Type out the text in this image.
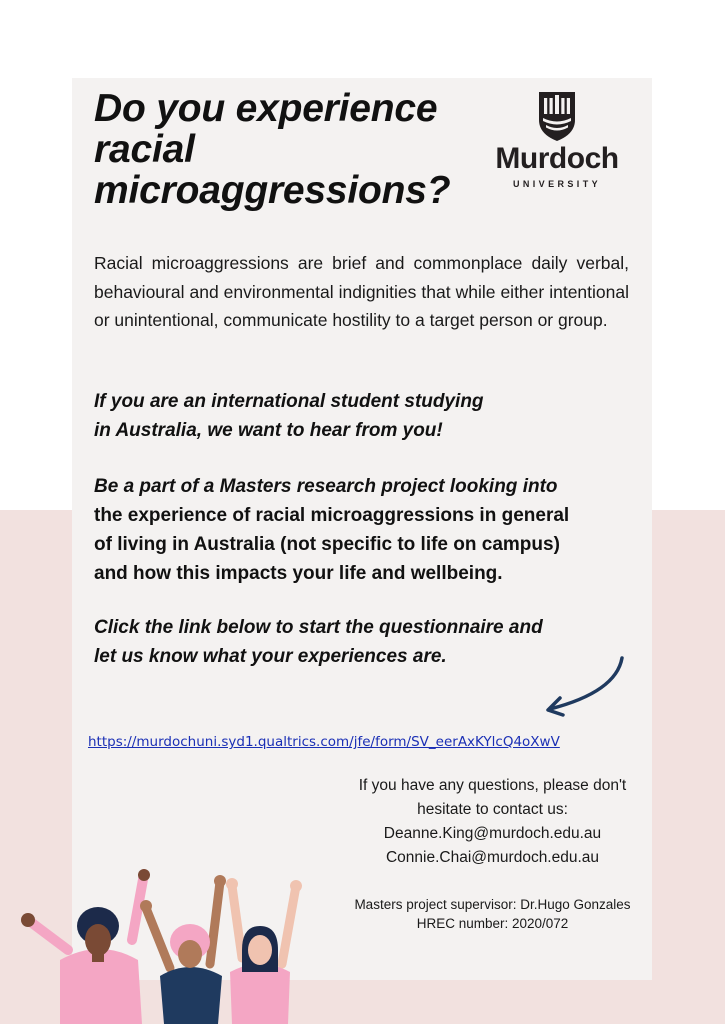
Do you experience
racial
microaggressions?
Murdoch
UNIVERSITY

Racial microaggressions are brief and commonplace daily verbal, behavioural and environmental indignities that while either intentional or unintentional, communicate hostility to a target person or group.

If you are an international student studying
in Australia, we want to hear from you!

Be a part of a Masters research project looking into
the experience of racial microaggressions in general
of living in Australia (not specific to life on campus)
and how this impacts your life and wellbeing.

Click the link below to start the questionnaire and
let us know what your experiences are.

https://murdochuni.syd1.qualtrics.com/jfe/form/SV_eerAxKYlcQ4oXwV
If you have any questions, please don't
hesitate to contact us:
Deanne.King@murdoch.edu.au
Connie.Chai@murdoch.edu.au
Masters project supervisor: Dr.Hugo Gonzales
HREC number: 2020/072
